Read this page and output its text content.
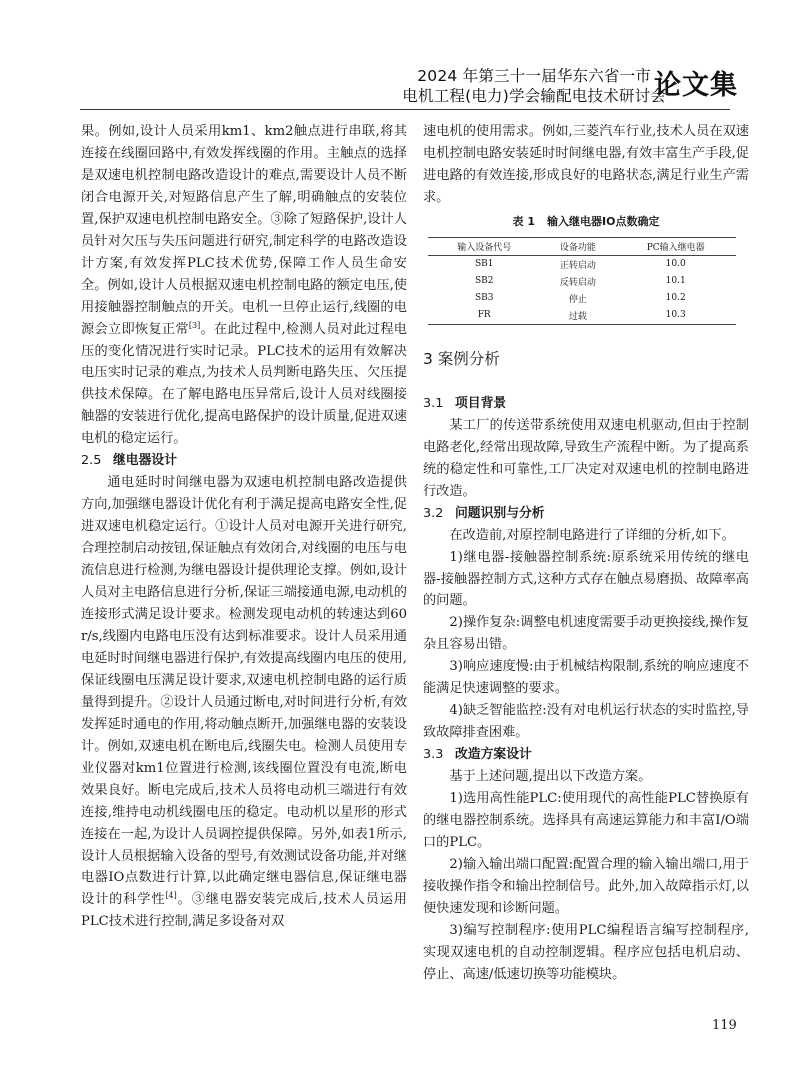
2024 年第三十一届华东六省一市
电机工程(电力)学会输配电技术研讨会
论文集

果。例如,设计人员采用km1、km2触点进行串联,将其连接在线圈回路中,有效发挥线圈的作用。主触点的选择是双速电机控制电路改造设计的难点,需要设计人员不断闭合电源开关,对短路信息产生了解,明确触点的安装位置,保护双速电机控制电路安全。③除了短路保护,设计人员针对欠压与失压问题进行研究,制定科学的电路改造设计方案,有效发挥PLC技术优势,保障工作人员生命安全。例如,设计人员根据双速电机控制电路的额定电压,使用接触器控制触点的开关。电机一旦停止运行,线圈的电源会立即恢复正常[3]。在此过程中,检测人员对此过程电压的变化情况进行实时记录。PLC技术的运用有效解决电压实时记录的难点,为技术人员判断电路失压、欠压提供技术保障。在了解电路电压异常后,设计人员对线圈接触器的安装进行优化,提高电路保护的设计质量,促进双速电机的稳定运行。

2.5 继电器设计

通电延时时间继电器为双速电机控制电路改造提供方向,加强继电器设计优化有利于满足提高电路安全性,促进双速电机稳定运行。①设计人员对电源开关进行研究,合理控制启动按钮,保证触点有效闭合,对线圈的电压与电流信息进行检测,为继电器设计提供理论支撑。例如,设计人员对主电路信息进行分析,保证三端接通电源,电动机的连接形式满足设计要求。检测发现电动机的转速达到60 r/s,线圈内电路电压没有达到标准要求。设计人员采用通电延时时间继电器进行保护,有效提高线圈内电压的使用,保证线圈电压满足设计要求,双速电机控制电路的运行质量得到提升。②设计人员通过断电,对时间进行分析,有效发挥延时通电的作用,将动触点断开,加强继电器的安装设计。例如,双速电机在断电后,线圈失电。检测人员使用专业仪器对km1位置进行检测,该线圈位置没有电流,断电效果良好。断电完成后,技术人员将电动机三端进行有效连接,维持电动机线圈电压的稳定。电动机以星形的形式连接在一起,为设计人员调控提供保障。另外,如表1所示,设计人员根据输入设备的型号,有效测试设备功能,并对继电器IO点数进行计算,以此确定继电器信息,保证继电器设计的科学性[4]。③继电器安装完成后,技术人员运用PLC技术进行控制,满足多设备对双

速电机的使用需求。例如,三菱汽车行业,技术人员在双速电机控制电路安装延时时间继电器,有效丰富生产手段,促进电路的有效连接,形成良好的电路状态,满足行业生产需求。

表 1 输入继电器IO点数确定
输入设备代号	设备功能	PC输入继电器
SB1	正转启动	10.0
SB2	反转启动	10.1
SB3	停止	10.2
FR	过载	10.3
3 案例分析
3.1 项目背景

某工厂的传送带系统使用双速电机驱动,但由于控制电路老化,经常出现故障,导致生产流程中断。为了提高系统的稳定性和可靠性,工厂决定对双速电机的控制电路进行改造。

3.2 问题识别与分析

在改造前,对原控制电路进行了详细的分析,如下。

1)继电器-接触器控制系统:原系统采用传统的继电器-接触器控制方式,这种方式存在触点易磨损、故障率高的问题。

2)操作复杂:调整电机速度需要手动更换接线,操作复杂且容易出错。

3)响应速度慢:由于机械结构限制,系统的响应速度不能满足快速调整的要求。

4)缺乏智能监控:没有对电机运行状态的实时监控,导致故障排查困难。

3.3 改造方案设计

基于上述问题,提出以下改造方案。

1)选用高性能PLC:使用现代的高性能PLC替换原有的继电器控制系统。选择具有高速运算能力和丰富I/O端口的PLC。

2)输入输出端口配置:配置合理的输入输出端口,用于接收操作指令和输出控制信号。此外,加入故障指示灯,以便快速发现和诊断问题。

3)编写控制程序:使用PLC编程语言编写控制程序,实现双速电机的自动控制逻辑。程序应包括电机启动、停止、高速/低速切换等功能模块。

119
